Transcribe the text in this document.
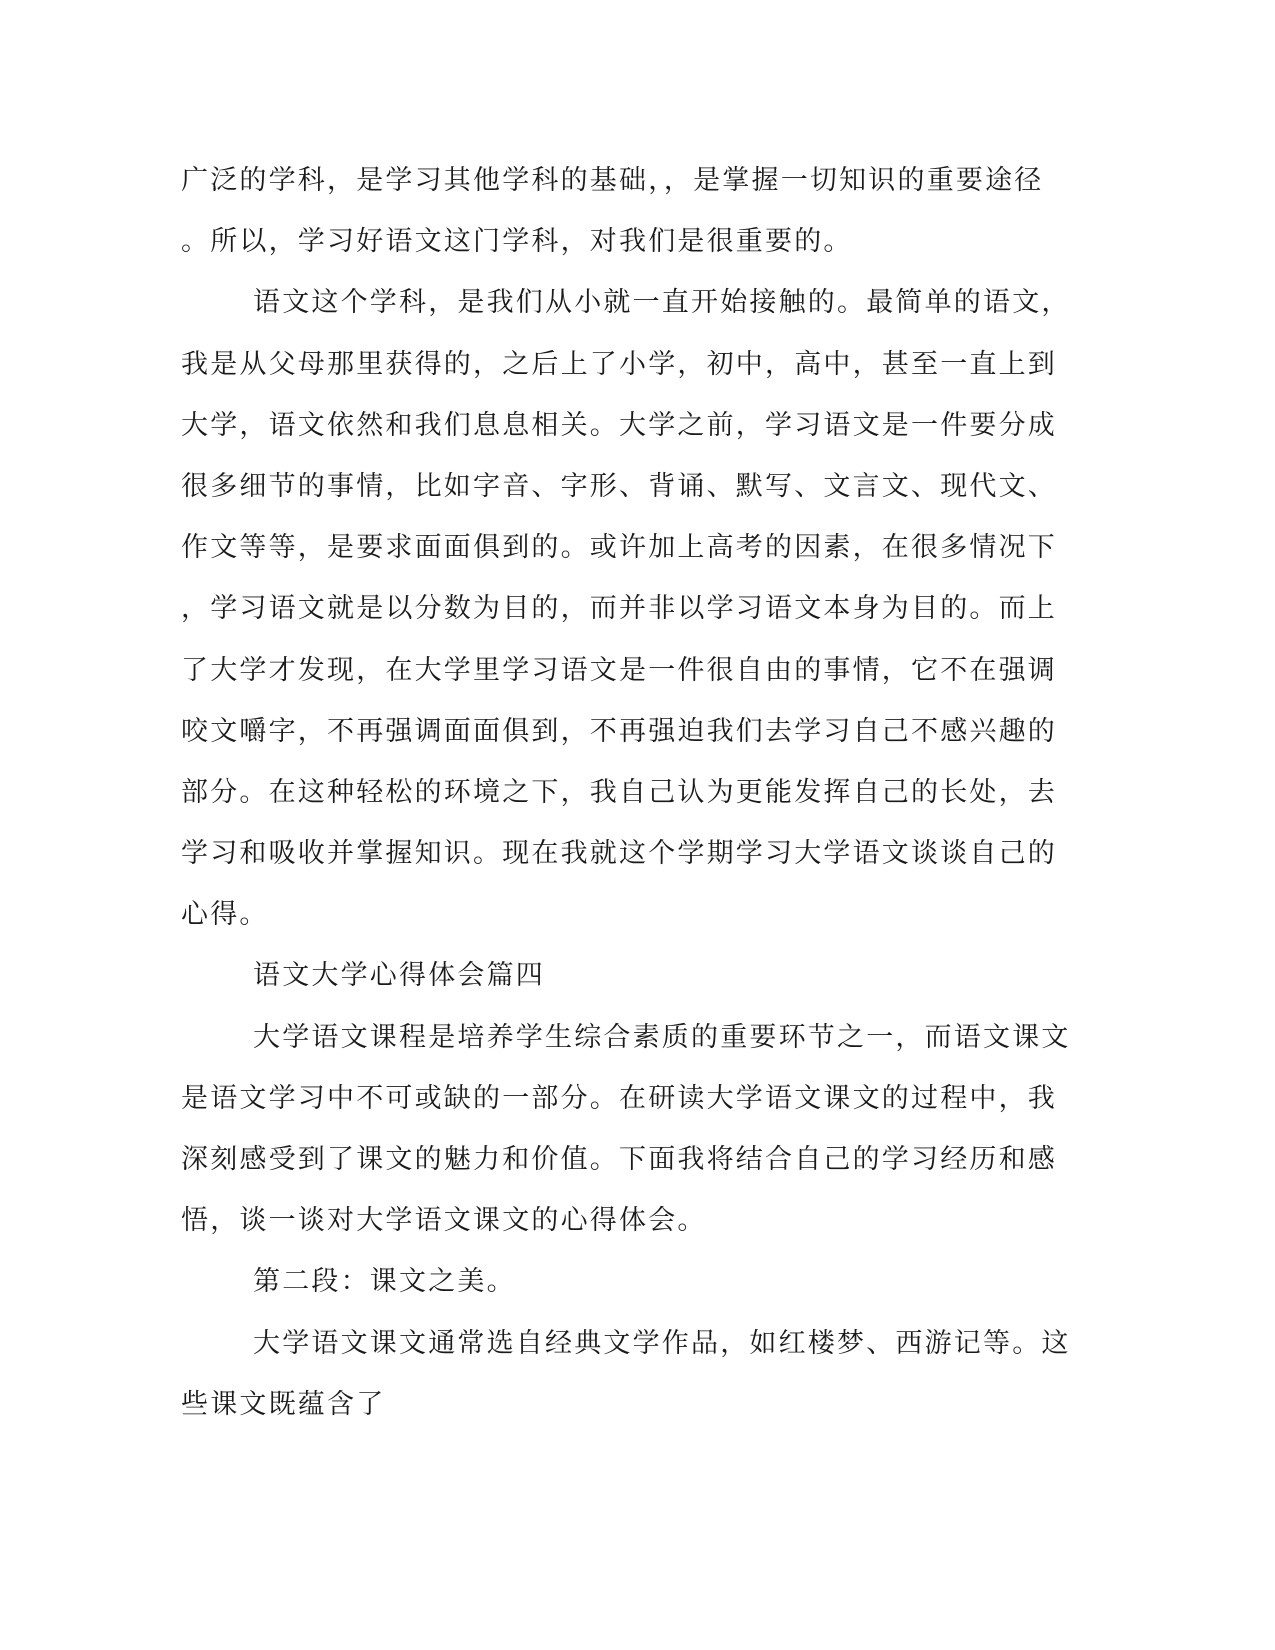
广泛的学科，是学习其他学科的基础，，是掌握一切知识的重要途径
。所以，学习好语文这门学科，对我们是很重要的。
语文这个学科，是我们从小就一直开始接触的。最简单的语文，
我是从父母那里获得的，之后上了小学，初中，高中，甚至一直上到
大学，语文依然和我们息息相关。大学之前，学习语文是一件要分成
很多细节的事情，比如字音、字形、背诵、默写、文言文、现代文、
作文等等，是要求面面俱到的。或许加上高考的因素，在很多情况下
，学习语文就是以分数为目的，而并非以学习语文本身为目的。而上
了大学才发现，在大学里学习语文是一件很自由的事情，它不在强调
咬文嚼字，不再强调面面俱到，不再强迫我们去学习自己不感兴趣的
部分。在这种轻松的环境之下，我自己认为更能发挥自己的长处，去
学习和吸收并掌握知识。现在我就这个学期学习大学语文谈谈自己的
心得。
语文大学心得体会篇四
大学语文课程是培养学生综合素质的重要环节之一，而语文课文
是语文学习中不可或缺的一部分。在研读大学语文课文的过程中，我
深刻感受到了课文的魅力和价值。下面我将结合自己的学习经历和感
悟，谈一谈对大学语文课文的心得体会。
第二段：课文之美。
大学语文课文通常选自经典文学作品，如红楼梦、西游记等。这
些课文既蕴含了
